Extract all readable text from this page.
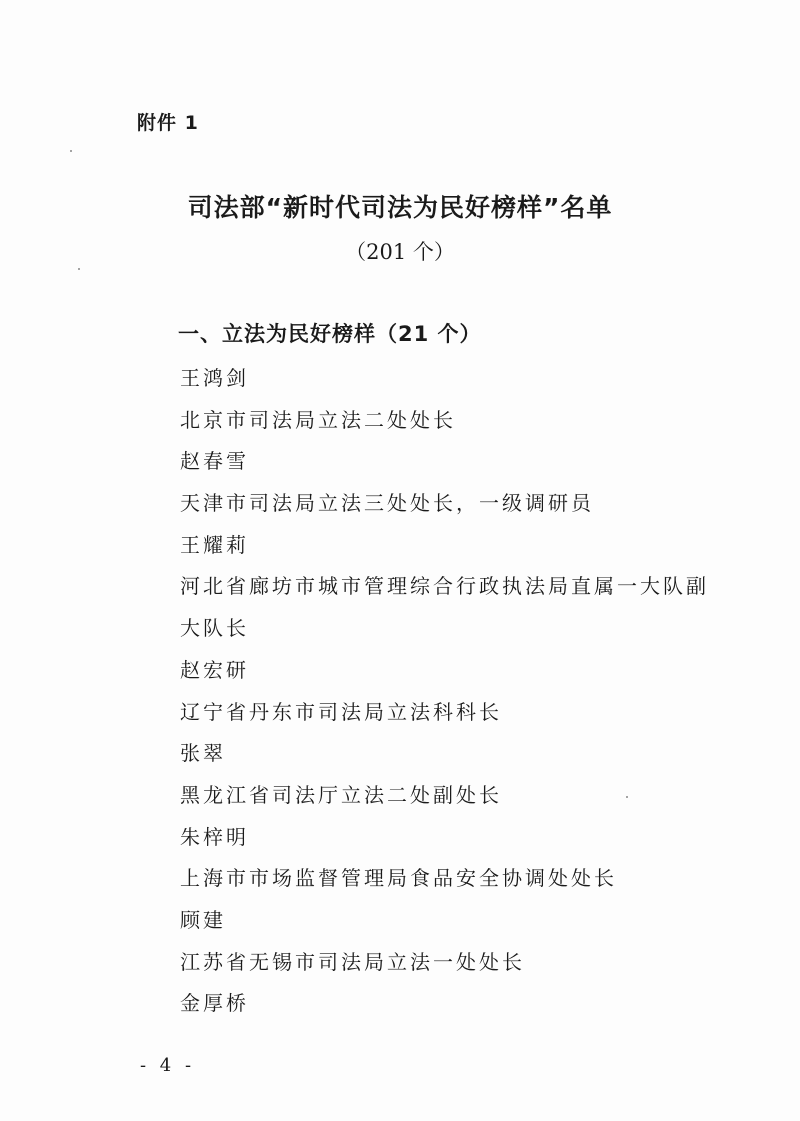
附件 1
司法部“新时代司法为民好榜样”名单
（201 个）
一、立法为民好榜样（21 个）
王鸿剑
北京市司法局立法二处处长
赵春雪
天津市司法局立法三处处长，一级调研员
王耀莉
河北省廊坊市城市管理综合行政执法局直属一大队副
大队长
赵宏研
辽宁省丹东市司法局立法科科长
张翠
黑龙江省司法厅立法二处副处长
朱梓明
上海市市场监督管理局食品安全协调处处长
顾建
江苏省无锡市司法局立法一处处长
金厚桥
- 4 -
